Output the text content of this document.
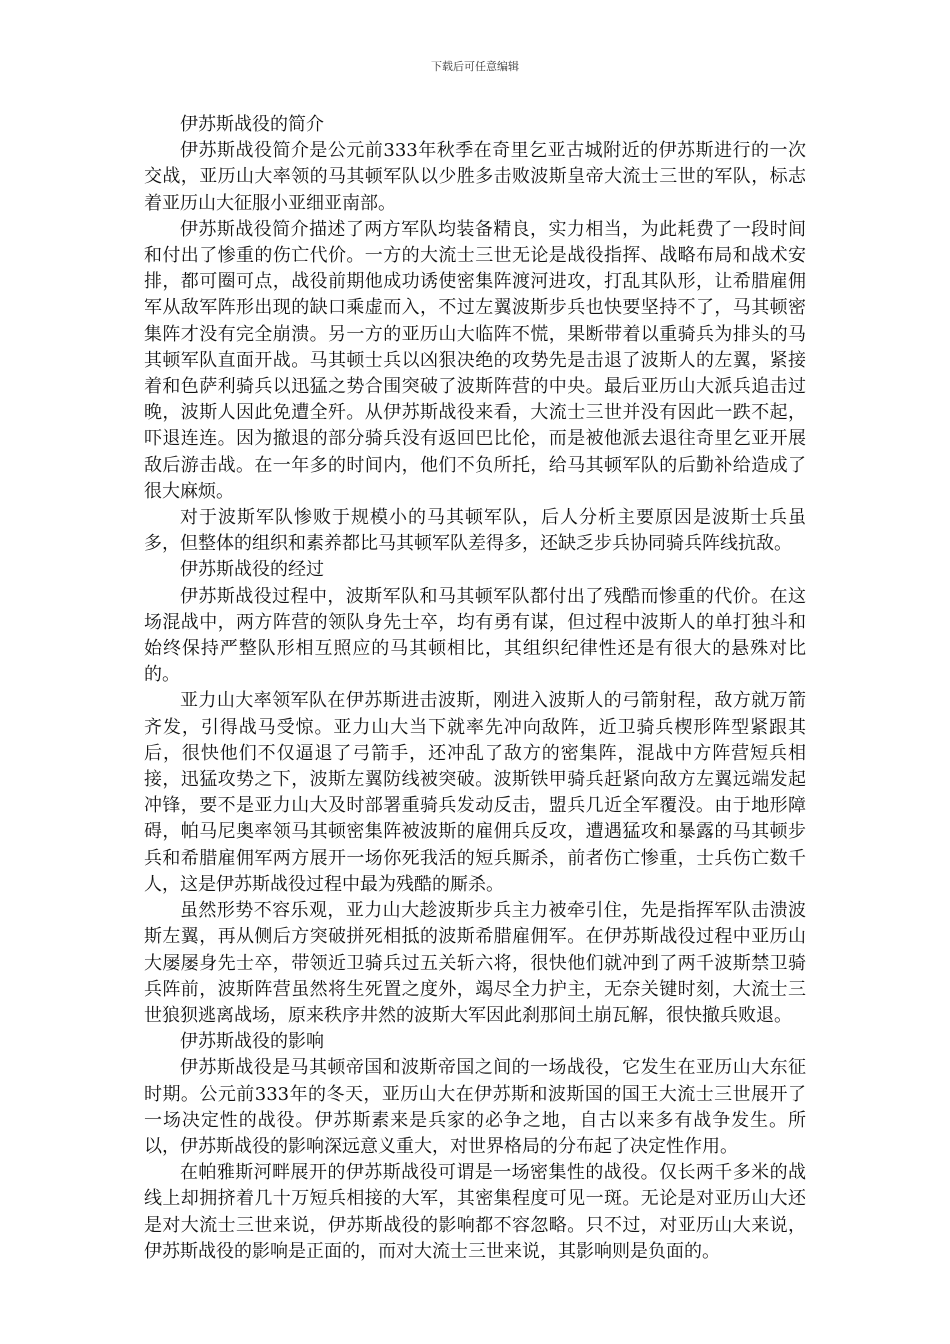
下载后可任意编辑

伊苏斯战役的简介

伊苏斯战役简介是公元前333年秋季在奇里乞亚古城附近的伊苏斯进行的一次交战，亚历山大率领的马其顿军队以少胜多击败波斯皇帝大流士三世的军队，标志着亚历山大征服小亚细亚南部。

伊苏斯战役简介描述了两方军队均装备精良，实力相当，为此耗费了一段时间和付出了惨重的伤亡代价。一方的大流士三世无论是战役指挥、战略布局和战术安排，都可圈可点，战役前期他成功诱使密集阵渡河进攻，打乱其队形，让希腊雇佣军从敌军阵形出现的缺口乘虚而入，不过左翼波斯步兵也快要坚持不了，马其顿密集阵才没有完全崩溃。另一方的亚历山大临阵不慌，果断带着以重骑兵为排头的马其顿军队直面开战。马其顿士兵以凶狠决绝的攻势先是击退了波斯人的左翼，紧接着和色萨利骑兵以迅猛之势合围突破了波斯阵营的中央。最后亚历山大派兵追击过晚，波斯人因此免遭全歼。从伊苏斯战役来看，大流士三世并没有因此一跌不起，吓退连连。因为撤退的部分骑兵没有返回巴比伦，而是被他派去退往奇里乞亚开展敌后游击战。在一年多的时间内，他们不负所托，给马其顿军队的后勤补给造成了很大麻烦。

对于波斯军队惨败于规模小的马其顿军队，后人分析主要原因是波斯士兵虽多，但整体的组织和素养都比马其顿军队差得多，还缺乏步兵协同骑兵阵线抗敌。

伊苏斯战役的经过

伊苏斯战役过程中，波斯军队和马其顿军队都付出了残酷而惨重的代价。在这场混战中，两方阵营的领队身先士卒，均有勇有谋，但过程中波斯人的单打独斗和始终保持严整队形相互照应的马其顿相比，其组织纪律性还是有很大的悬殊对比的。

亚力山大率领军队在伊苏斯进击波斯，刚进入波斯人的弓箭射程，敌方就万箭齐发，引得战马受惊。亚力山大当下就率先冲向敌阵，近卫骑兵楔形阵型紧跟其后，很快他们不仅逼退了弓箭手，还冲乱了敌方的密集阵，混战中方阵营短兵相接，迅猛攻势之下，波斯左翼防线被突破。波斯铁甲骑兵赶紧向敌方左翼远端发起冲锋，要不是亚力山大及时部署重骑兵发动反击，盟兵几近全军覆没。由于地形障碍，帕马尼奥率领马其顿密集阵被波斯的雇佣兵反攻，遭遇猛攻和暴露的马其顿步兵和希腊雇佣军两方展开一场你死我活的短兵厮杀，前者伤亡惨重，士兵伤亡数千人，这是伊苏斯战役过程中最为残酷的厮杀。

虽然形势不容乐观，亚力山大趁波斯步兵主力被牵引住，先是指挥军队击溃波斯左翼，再从侧后方突破拼死相抵的波斯希腊雇佣军。在伊苏斯战役过程中亚历山大屡屡身先士卒，带领近卫骑兵过五关斩六将，很快他们就冲到了两千波斯禁卫骑兵阵前，波斯阵营虽然将生死置之度外，竭尽全力护主，无奈关键时刻，大流士三世狼狈逃离战场，原来秩序井然的波斯大军因此刹那间土崩瓦解，很快撤兵败退。

伊苏斯战役的影响

伊苏斯战役是马其顿帝国和波斯帝国之间的一场战役，它发生在亚历山大东征时期。公元前333年的冬天，亚历山大在伊苏斯和波斯国的国王大流士三世展开了一场决定性的战役。伊苏斯素来是兵家的必争之地，自古以来多有战争发生。所以，伊苏斯战役的影响深远意义重大，对世界格局的分布起了决定性作用。

在帕雅斯河畔展开的伊苏斯战役可谓是一场密集性的战役。仅长两千多米的战线上却拥挤着几十万短兵相接的大军，其密集程度可见一斑。无论是对亚历山大还是对大流士三世来说，伊苏斯战役的影响都不容忽略。只不过，对亚历山大来说，伊苏斯战役的影响是正面的，而对大流士三世来说，其影响则是负面的。
